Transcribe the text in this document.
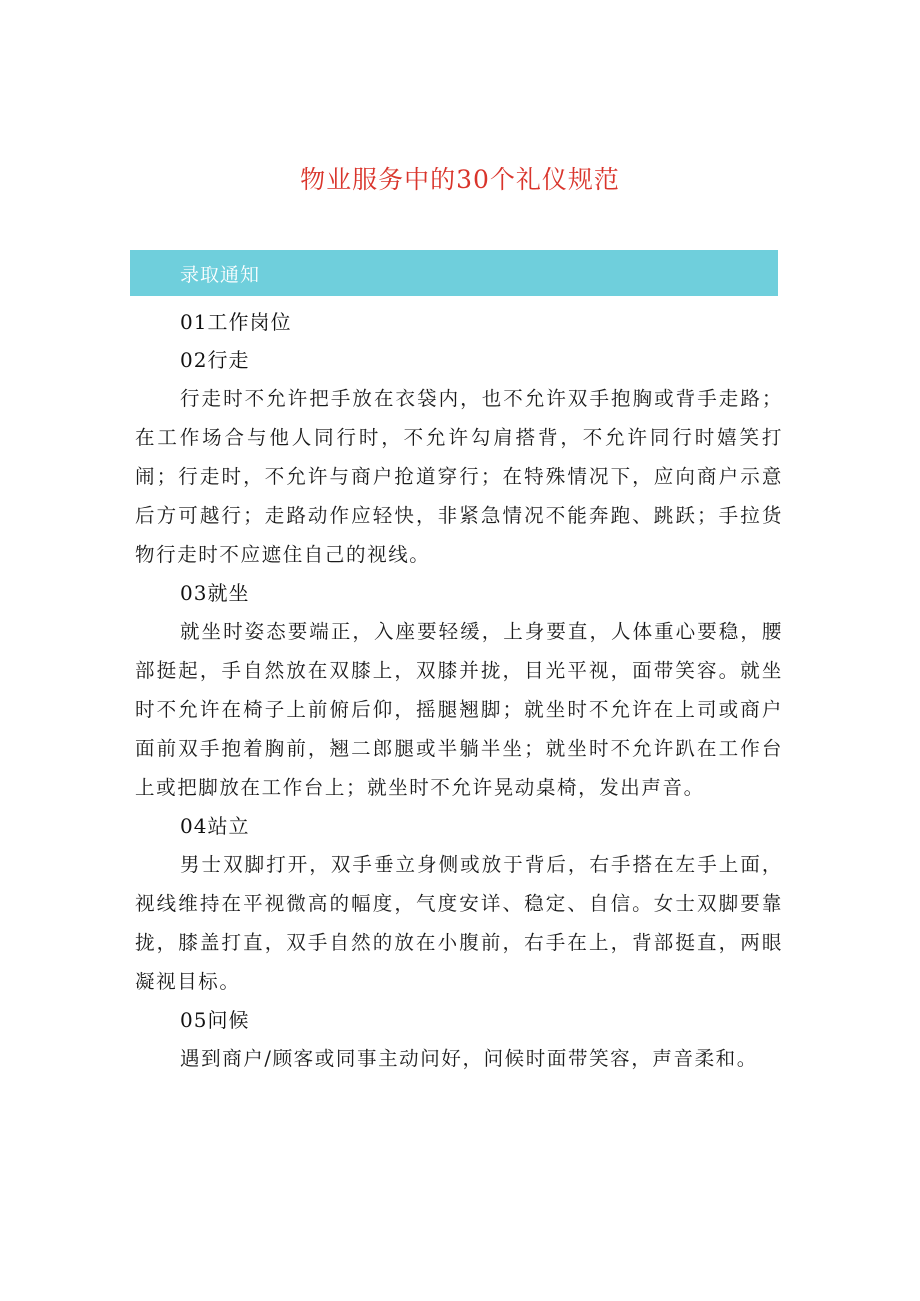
物业服务中的30个礼仪规范
录取通知
01工作岗位
02行走

行走时不允许把手放在衣袋内，也不允许双手抱胸或背手走路；在工作场合与他人同行时，不允许勾肩搭背，不允许同行时嬉笑打闹；行走时，不允许与商户抢道穿行；在特殊情况下，应向商户示意后方可越行；走路动作应轻快，非紧急情况不能奔跑、跳跃；手拉货物行走时不应遮住自己的视线。

03就坐

就坐时姿态要端正，入座要轻缓，上身要直，人体重心要稳，腰部挺起，手自然放在双膝上，双膝并拢，目光平视，面带笑容。就坐时不允许在椅子上前俯后仰，摇腿翘脚；就坐时不允许在上司或商户面前双手抱着胸前，翘二郎腿或半躺半坐；就坐时不允许趴在工作台上或把脚放在工作台上；就坐时不允许晃动桌椅，发出声音。

04站立

男士双脚打开，双手垂立身侧或放于背后，右手搭在左手上面，视线维持在平视微高的幅度，气度安详、稳定、自信。女士双脚要靠拢，膝盖打直，双手自然的放在小腹前，右手在上，背部挺直，两眼凝视目标。

05问候

遇到商户/顾客或同事主动问好，问候时面带笑容，声音柔和。
